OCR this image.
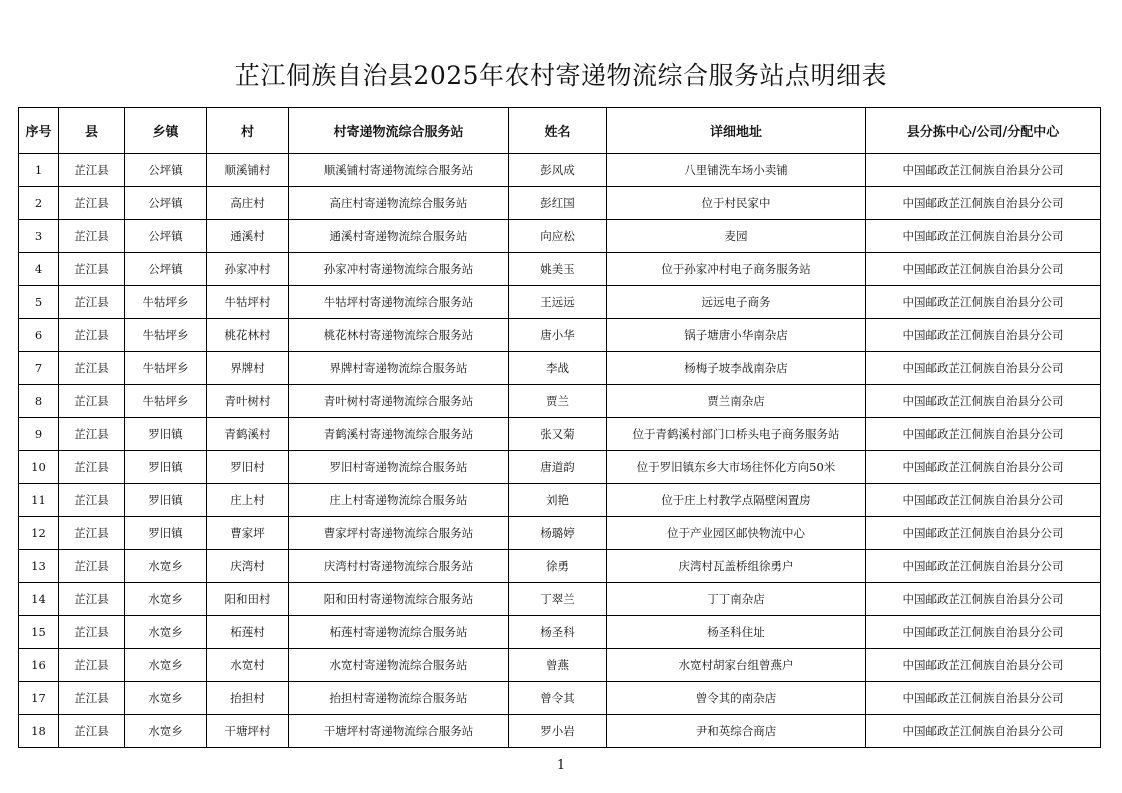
芷江侗族自治县2025年农村寄递物流综合服务站点明细表
序号	县	乡镇	村	村寄递物流综合服务站	姓名	详细地址	县分拣中心/公司/分配中心
1	芷江县	公坪镇	顺溪铺村	顺溪铺村寄递物流综合服务站	彭风成	八里铺洗车场小卖铺	中国邮政芷江侗族自治县分公司
2	芷江县	公坪镇	高庄村	高庄村寄递物流综合服务站	彭红国	位于村民家中	中国邮政芷江侗族自治县分公司
3	芷江县	公坪镇	通溪村	通溪村寄递物流综合服务站	向应松	麦园	中国邮政芷江侗族自治县分公司
4	芷江县	公坪镇	孙家冲村	孙家冲村寄递物流综合服务站	姚美玉	位于孙家冲村电子商务服务站	中国邮政芷江侗族自治县分公司
5	芷江县	牛牯坪乡	牛牯坪村	牛牯坪村寄递物流综合服务站	王远远	远远电子商务	中国邮政芷江侗族自治县分公司
6	芷江县	牛牯坪乡	桃花林村	桃花林村寄递物流综合服务站	唐小华	锅子塘唐小华南杂店	中国邮政芷江侗族自治县分公司
7	芷江县	牛牯坪乡	界牌村	界牌村寄递物流综合服务站	李战	杨梅子坡李战南杂店	中国邮政芷江侗族自治县分公司
8	芷江县	牛牯坪乡	青叶树村	青叶树村寄递物流综合服务站	贾兰	贾兰南杂店	中国邮政芷江侗族自治县分公司
9	芷江县	罗旧镇	青鹤溪村	青鹤溪村寄递物流综合服务站	张又菊	位于青鹤溪村部门口桥头电子商务服务站	中国邮政芷江侗族自治县分公司
10	芷江县	罗旧镇	罗旧村	罗旧村寄递物流综合服务站	唐道韵	位于罗旧镇东乡大市场往怀化方向50米	中国邮政芷江侗族自治县分公司
11	芷江县	罗旧镇	庄上村	庄上村寄递物流综合服务站	刘艳	位于庄上村教学点隔壁闲置房	中国邮政芷江侗族自治县分公司
12	芷江县	罗旧镇	曹家坪	曹家坪村寄递物流综合服务站	杨璐婷	位于产业园区邮快物流中心	中国邮政芷江侗族自治县分公司
13	芷江县	水宽乡	庆湾村	庆湾村村寄递物流综合服务站	徐勇	庆湾村瓦盖桥组徐勇户	中国邮政芷江侗族自治县分公司
14	芷江县	水宽乡	阳和田村	阳和田村寄递物流综合服务站	丁翠兰	丁丁南杂店	中国邮政芷江侗族自治县分公司
15	芷江县	水宽乡	柘莲村	柘莲村寄递物流综合服务站	杨圣科	杨圣科住址	中国邮政芷江侗族自治县分公司
16	芷江县	水宽乡	水宽村	水宽村寄递物流综合服务站	曾燕	水宽村胡家台组曾燕户	中国邮政芷江侗族自治县分公司
17	芷江县	水宽乡	抬担村	抬担村寄递物流综合服务站	曾令其	曾令其的南杂店	中国邮政芷江侗族自治县分公司
18	芷江县	水宽乡	干塘坪村	干塘坪村寄递物流综合服务站	罗小岩	尹和英综合商店	中国邮政芷江侗族自治县分公司
1
